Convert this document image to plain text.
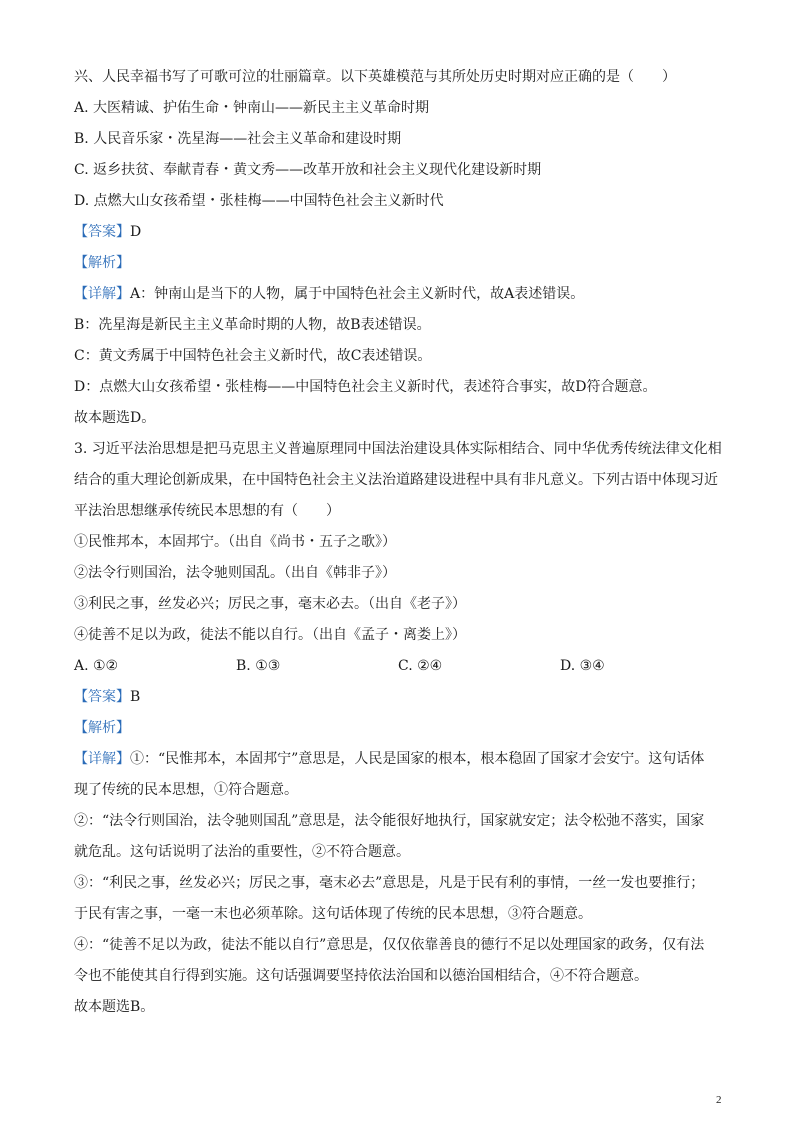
兴、人民幸福书写了可歌可泣的壮丽篇章。以下英雄模范与其所处历史时期对应正确的是（　　）
A. 大医精诚、护佑生命・钟南山——新民主主义革命时期
B. 人民音乐家・冼星海——社会主义革命和建设时期
C. 返乡扶贫、奉献青春・黄文秀——改革开放和社会主义现代化建设新时期
D. 点燃大山女孩希望・张桂梅——中国特色社会主义新时代
【答案】D
【解析】
【详解】A：钟南山是当下的人物，属于中国特色社会主义新时代，故A表述错误。
B：冼星海是新民主主义革命时期的人物，故B表述错误。
C：黄文秀属于中国特色社会主义新时代，故C表述错误。
D：点燃大山女孩希望・张桂梅——中国特色社会主义新时代，表述符合事实，故D符合题意。
故本题选D。
3. 习近平法治思想是把马克思主义普遍原理同中国法治建设具体实际相结合、同中华优秀传统法律文化相
结合的重大理论创新成果，在中国特色社会主义法治道路建设进程中具有非凡意义。下列古语中体现习近
平法治思想继承传统民本思想的有（　　）
①民惟邦本，本固邦宁。（出自《尚书・五子之歌》）
②法令行则国治，法令驰则国乱。（出自《韩非子》）
③利民之事，丝发必兴；厉民之事，毫末必去。（出自《老子》）
④徒善不足以为政，徒法不能以自行。（出自《孟子・离娄上》）
A. ①②	B. ①③	C. ②④	D. ③④
【答案】B
【解析】
【详解】①：“民惟邦本，本固邦宁”意思是，人民是国家的根本，根本稳固了国家才会安宁。这句话体
现了传统的民本思想，①符合题意。
②：“法令行则国治，法令驰则国乱”意思是，法令能很好地执行，国家就安定；法令松弛不落实，国家
就危乱。这句话说明了法治的重要性，②不符合题意。
③：“利民之事，丝发必兴；厉民之事，毫末必去”意思是，凡是于民有利的事情，一丝一发也要推行；
于民有害之事，一毫一末也必须革除。这句话体现了传统的民本思想，③符合题意。
④：“徒善不足以为政，徒法不能以自行”意思是，仅仅依靠善良的德行不足以处理国家的政务，仅有法
令也不能使其自行得到实施。这句话强调要坚持依法治国和以德治国相结合，④不符合题意。
故本题选B。
2
